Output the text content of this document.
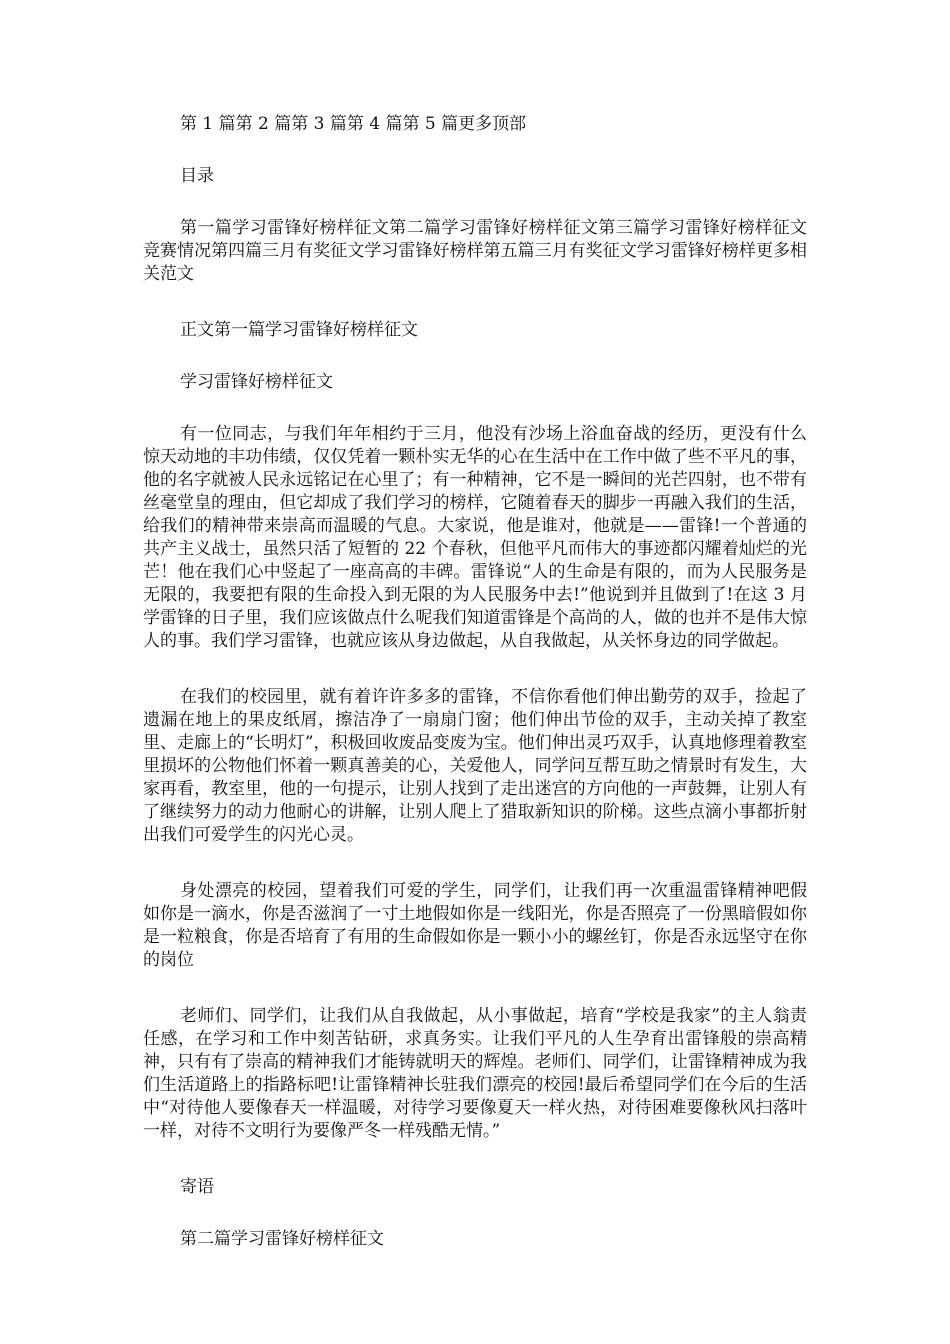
第 1 篇第 2 篇第 3 篇第 4 篇第 5 篇更多顶部

目录

第一篇学习雷锋好榜样征文第二篇学习雷锋好榜样征文第三篇学习雷锋好榜样征文竞赛情况第四篇三月有奖征文学习雷锋好榜样第五篇三月有奖征文学习雷锋好榜样更多相关范文

正文第一篇学习雷锋好榜样征文

学习雷锋好榜样征文

有一位同志，与我们年年相约于三月，他没有沙场上浴血奋战的经历，更没有什么惊天动地的丰功伟绩，仅仅凭着一颗朴实无华的心在生活中在工作中做了些不平凡的事，他的名字就被人民永远铭记在心里了；有一种精神，它不是一瞬间的光芒四射，也不带有丝毫堂皇的理由，但它却成了我们学习的榜样，它随着春天的脚步一再融入我们的生活，给我们的精神带来崇高而温暖的气息。大家说，他是谁对，他就是——雷锋!一个普通的共产主义战士，虽然只活了短暂的 22 个春秋，但他平凡而伟大的事迹都闪耀着灿烂的光芒！他在我们心中竖起了一座高高的丰碑。雷锋说“人的生命是有限的，而为人民服务是无限的，我要把有限的生命投入到无限的为人民服务中去!”他说到并且做到了!在这 3 月学雷锋的日子里，我们应该做点什么呢我们知道雷锋是个高尚的人，做的也并不是伟大惊人的事。我们学习雷锋，也就应该从身边做起，从自我做起，从关怀身边的同学做起。

在我们的校园里，就有着许许多多的雷锋，不信你看他们伸出勤劳的双手，捡起了遗漏在地上的果皮纸屑，擦洁净了一扇扇门窗；他们伸出节俭的双手，主动关掉了教室里、走廊上的“长明灯”，积极回收废品变废为宝。他们伸出灵巧双手，认真地修理着教室里损坏的公物他们怀着一颗真善美的心，关爱他人，同学问互帮互助之情景时有发生，大家再看，教室里，他的一句提示，让别人找到了走出迷宫的方向他的一声鼓舞，让别人有了继续努力的动力他耐心的讲解，让别人爬上了猎取新知识的阶梯。这些点滴小事都折射出我们可爱学生的闪光心灵。

身处漂亮的校园，望着我们可爱的学生，同学们，让我们再一次重温雷锋精神吧假如你是一滴水，你是否滋润了一寸土地假如你是一线阳光，你是否照亮了一份黑暗假如你是一粒粮食，你是否培育了有用的生命假如你是一颗小小的螺丝钉，你是否永远坚守在你的岗位

老师们、同学们，让我们从自我做起，从小事做起，培育“学校是我家”的主人翁责任感，在学习和工作中刻苦钻研，求真务实。让我们平凡的人生孕育出雷锋般的崇高精神，只有有了崇高的精神我们才能铸就明天的辉煌。老师们、同学们，让雷锋精神成为我们生活道路上的指路标吧!让雷锋精神长驻我们漂亮的校园!最后希望同学们在今后的生活中“对待他人要像春天一样温暖，对待学习要像夏天一样火热，对待困难要像秋风扫落叶一样，对待不文明行为要像严冬一样残酷无情。”

寄语

第二篇学习雷锋好榜样征文
